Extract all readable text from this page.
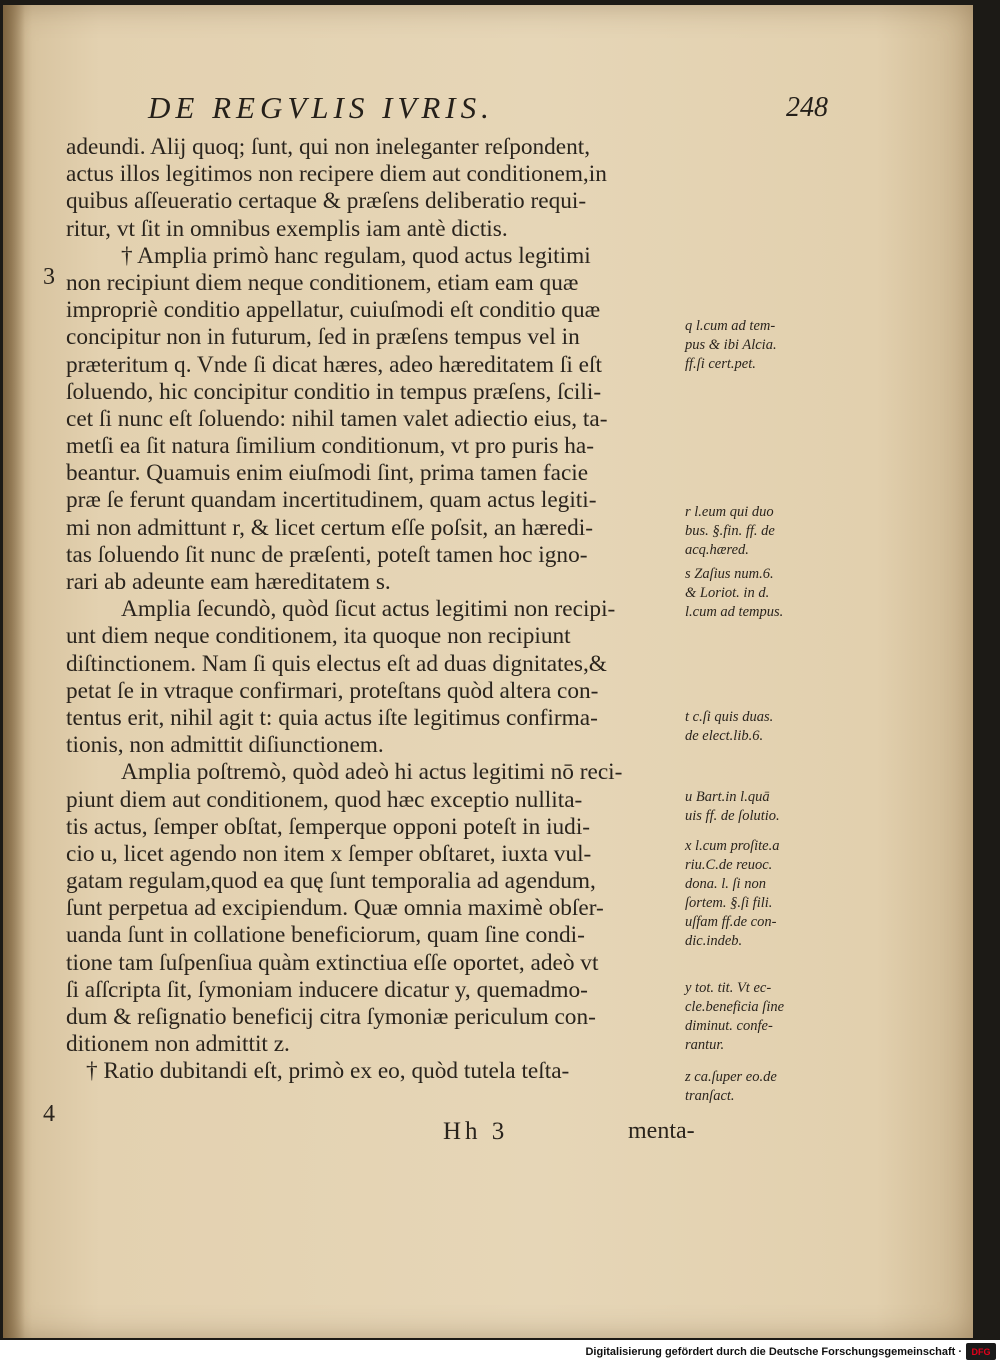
DE REGVLIS IVRIS.	248
adeundi. Alij quoq; ſunt, qui non ineleganter reſpondent,
actus illos legitimos non recipere diem aut conditionem,in
quibus aſſeueratio certaque & præſens deliberatio requi-
ritur, vt ſit in omnibus exemplis iam antè dictis.
† Amplia primò hanc regulam, quod actus legitimi
non recipiunt diem neque conditionem, etiam eam quæ
impropriè conditio appellatur, cuiuſmodi eſt conditio quæ
concipitur non in futurum, ſed in præſens tempus vel in
præteritum q. Vnde ſi dicat hæres, adeo hæreditatem ſi eſt
ſoluendo, hic concipitur conditio in tempus præſens, ſcili-
cet ſi nunc eſt ſoluendo: nihil tamen valet adiectio eius, ta-
metſi ea ſit natura ſimilium conditionum, vt pro puris ha-
beantur. Quamuis enim eiuſmodi ſint, prima tamen facie
præ ſe ferunt quandam incertitudinem, quam actus legiti-
mi non admittunt r, & licet certum eſſe poſsit, an hæredi-
tas ſoluendo ſit nunc de præſenti, poteſt tamen hoc igno-
rari ab adeunte eam hæreditatem s.
Amplia ſecundò, quòd ſicut actus legitimi non recipi-
unt diem neque conditionem, ita quoque non recipiunt
diſtinctionem. Nam ſi quis electus eſt ad duas dignitates,&
petat ſe in vtraque confirmari, proteſtans quòd altera con-
tentus erit, nihil agit t: quia actus iſte legitimus confirma-
tionis, non admittit diſiunctionem.
Amplia poſtremò, quòd adeò hi actus legitimi nō reci-
piunt diem aut conditionem, quod hæc exceptio nullita-
tis actus, ſemper obſtat, ſemperque opponi poteſt in iudi-
cio u, licet agendo non item x ſemper obſtaret, iuxta vul-
gatam regulam,quod ea quę ſunt temporalia ad agendum,
ſunt perpetua ad excipiendum. Quæ omnia maximè obſer-
uanda ſunt in collatione beneficiorum, quam ſine condi-
tione tam ſuſpenſiua quàm extinctiua eſſe oportet, adeò vt
ſi aſſcripta ſit, ſymoniam inducere dicatur y, quemadmo-
dum & reſignatio beneficij citra ſymoniæ periculum con-
ditionem non admittit z.
† Ratio dubitandi eſt, primò ex eo, quòd tutela teſta-
3
4
q l.cum ad tem-
pus & ibi Alcia.
ff.ſi cert.pet.
r l.eum qui duo
bus. §.fin. ff. de
acq.hæred.
s Zaſius num.6.
& Loriot. in d.
l.cum ad tempus.
t c.ſi quis duas.
de elect.lib.6.
u Bart.in l.quā
uis ff. de ſolutio.
x l.cum proſite.a
riu.C.de reuoc.
dona. l. ſi non
ſortem. §.ſi fili.
uſfam ff.de con-
dic.indeb.
y tot. tit. Vt ec-
cle.beneficia ſine
diminut. confe-
rantur.
z ca.ſuper eo.de
tranſact.
Hh 3	menta-
Digitalisierung gefördert durch die Deutsche Forschungsgemeinschaft · DFG
